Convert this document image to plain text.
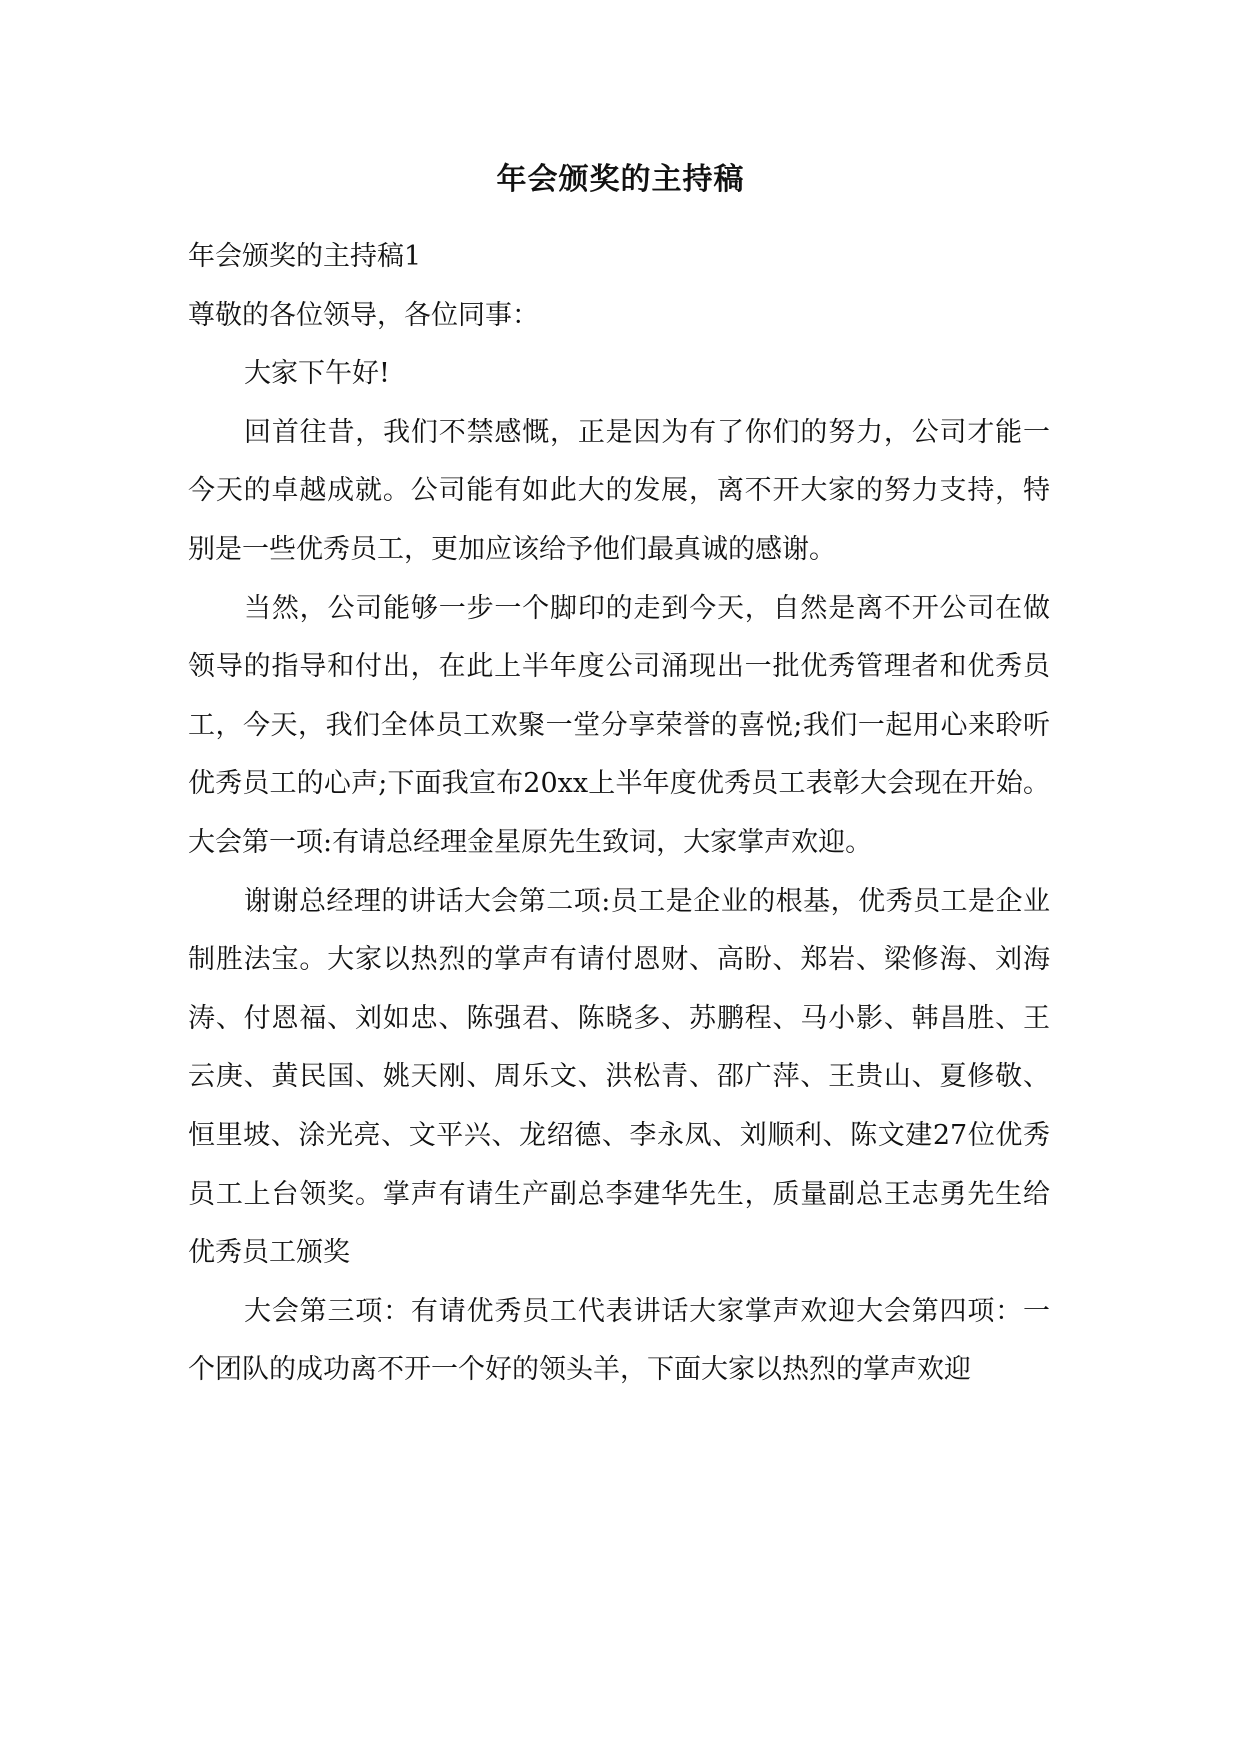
年会颁奖的主持稿

年会颁奖的主持稿1

尊敬的各位领导，各位同事：

大家下午好!

回首往昔，我们不禁感慨，正是因为有了你们的努力，公司才能一今天的卓越成就。公司能有如此大的发展，离不开大家的努力支持，特别是一些优秀员工，更加应该给予他们最真诚的感谢。

当然，公司能够一步一个脚印的走到今天，自然是离不开公司在做领导的指导和付出，在此上半年度公司涌现出一批优秀管理者和优秀员工，今天，我们全体员工欢聚一堂分享荣誉的喜悦;我们一起用心来聆听优秀员工的心声;下面我宣布20xx上半年度优秀员工表彰大会现在开始。大会第一项:有请总经理金星原先生致词，大家掌声欢迎。

谢谢总经理的讲话大会第二项:员工是企业的根基，优秀员工是企业制胜法宝。大家以热烈的掌声有请付恩财、高盼、郑岩、梁修海、刘海涛、付恩福、刘如忠、陈强君、陈晓多、苏鹏程、马小影、韩昌胜、王云庚、黄民国、姚天刚、周乐文、洪松青、邵广萍、王贵山、夏修敬、恒里坡、涂光亮、文平兴、龙绍德、李永凤、刘顺利、陈文建27位优秀员工上台领奖。掌声有请生产副总李建华先生，质量副总王志勇先生给优秀员工颁奖

大会第三项：有请优秀员工代表讲话大家掌声欢迎大会第四项：一个团队的成功离不开一个好的领头羊，下面大家以热烈的掌声欢迎
